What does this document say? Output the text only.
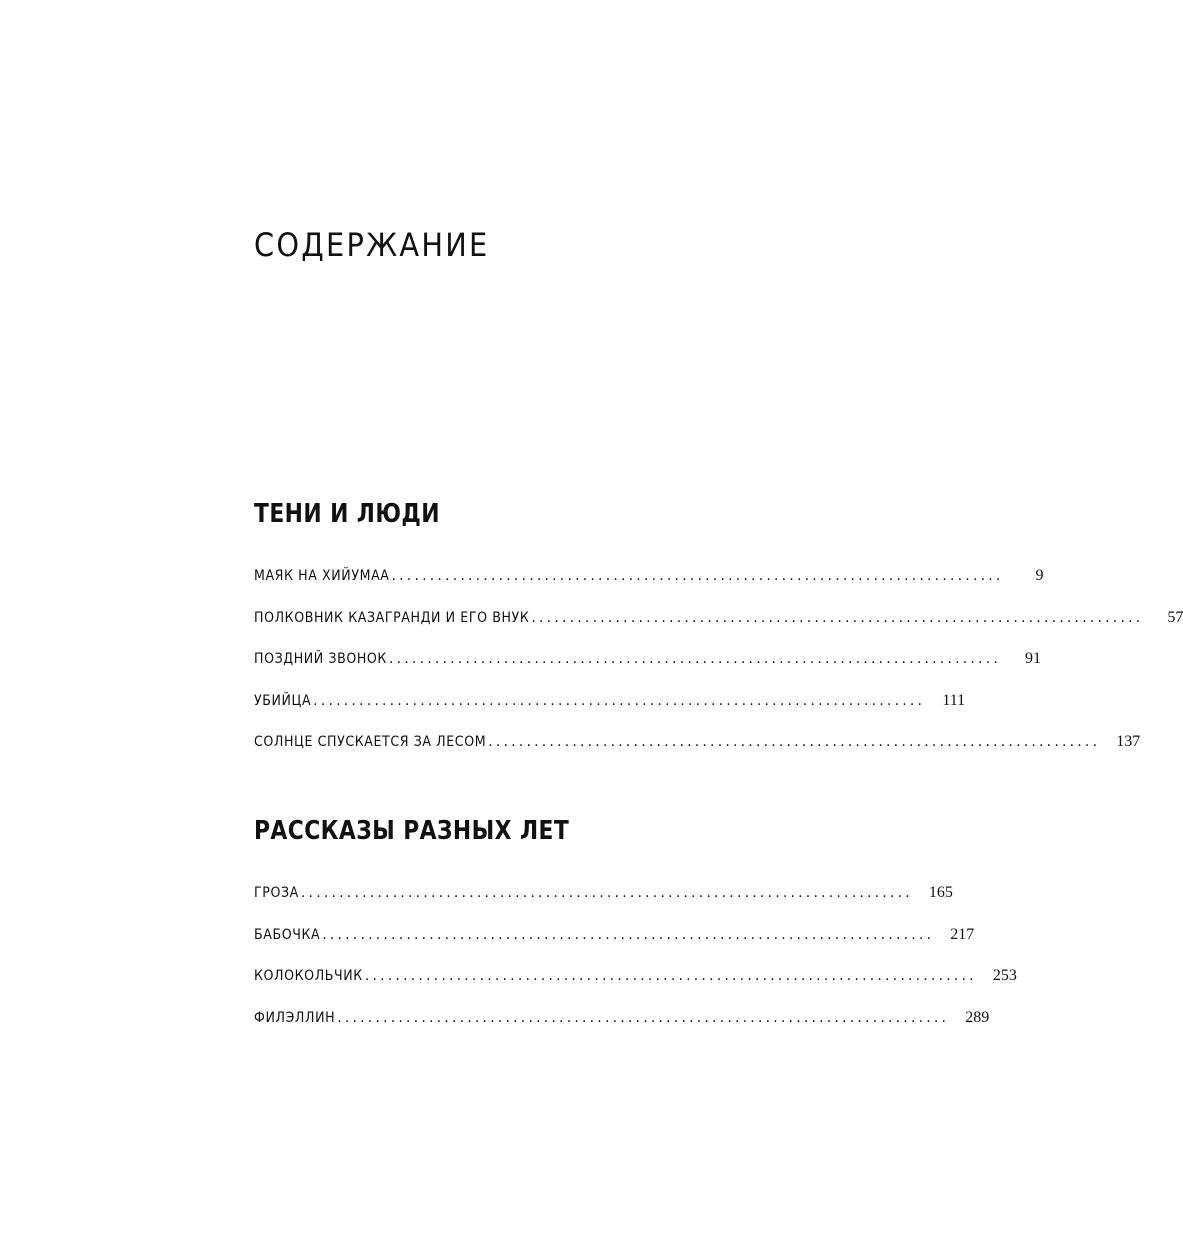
СОДЕРЖАНИЕ
ТЕНИ И ЛЮДИ
МАЯК НА ХИЙУМАА ................................................................................	9
ПОЛКОВНИК КАЗАГРАНДИ И ЕГО ВНУК ................................................................................	57
ПОЗДНИЙ ЗВОНОК ................................................................................	91
УБИЙЦА ................................................................................	111
СОЛНЦЕ СПУСКАЕТСЯ ЗА ЛЕСОМ ................................................................................	137
РАССКАЗЫ РАЗНЫХ ЛЕТ
ГРОЗА ................................................................................	165
БАБОЧКА ................................................................................	217
КОЛОКОЛЬЧИК ................................................................................	253
ФИЛЭЛЛИН ................................................................................	289
